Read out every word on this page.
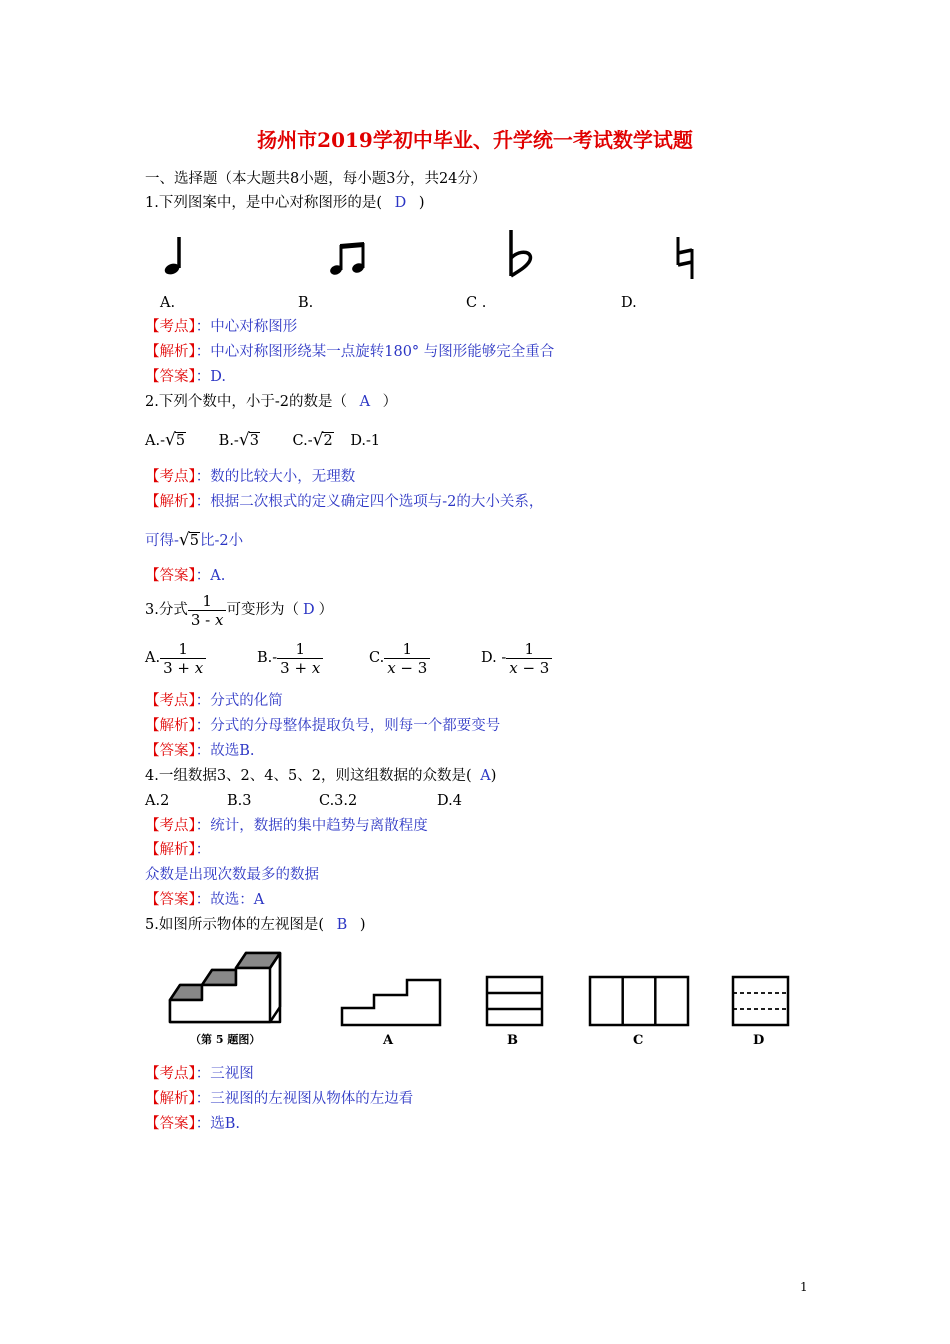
扬州市2019学初中毕业、升学统一考试数学试题
一、选择题（本大题共8小题，每小题3分，共24分）
1.下列图案中，是中心对称图形的是( D )
A.	B.	C .	D.
【考点】：中心对称图形
【解析】：中心对称图形绕某一点旋转180° 与图形能够完全重合
【答案】：D.
2.下列个数中，小于-2的数是（ A ）
A.-√5 B.-√3 C.-√2 D.-1
【考点】：数的比较大小，无理数
【解析】：根据二次根式的定义确定四个选项与-2的大小关系，
可得-√5比-2小
【答案】：A.
3.分式 $\frac{1}{3 - x}$ 可变形为（ D ）
A. $\frac{1}{3 + x}$	$B.- \frac{1}{3 + x}$	C. $\frac{1}{x - 3}$	D. - $\frac{1}{x - 3}$
【考点】：分式的化简
【解析】：分式的分母整体提取负号，则每一个都要变号
【答案】：故选B.
4.一组数据3、2、4、5、2，则这组数据的众数是( A)
A.2	B.3	C.3.2	D.4
【考点】：统计，数据的集中趋势与离散程度
【解析】：
众数是出现次数最多的数据
【答案】：故选：A
5.如图所示物体的左视图是( B )
（第 5 题图）	A	B	C	D
【考点】：三视图
【解析】：三视图的左视图从物体的左边看
【答案】：选B.
1
